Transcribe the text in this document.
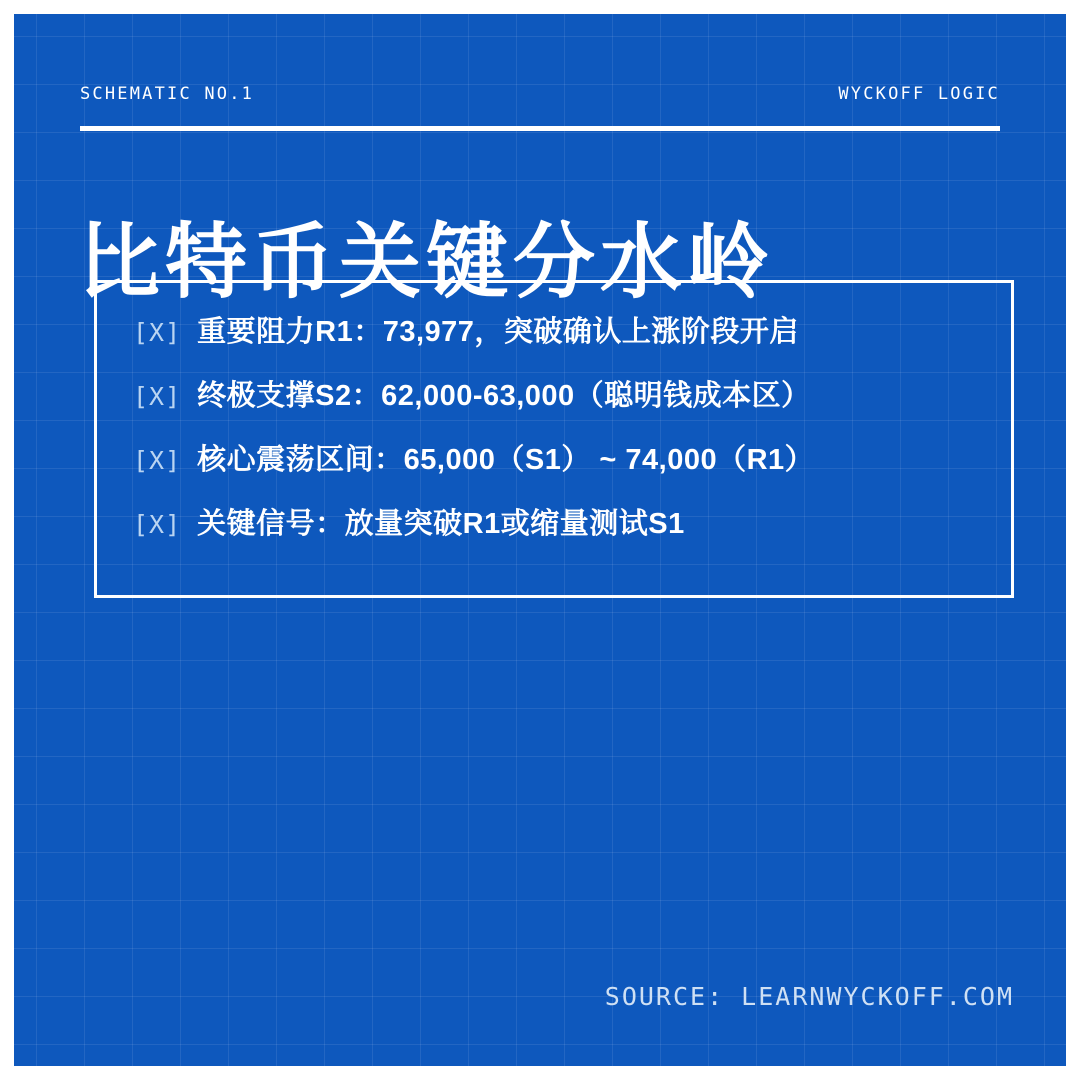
SCHEMATIC NO.1	WYCKOFF LOGIC
比特币关键分水岭
[X] 重要阻力R1：73,977，突破确认上涨阶段开启
[X] 终极支撑S2：62,000-63,000（聪明钱成本区）
[X] 核心震荡区间：65,000（S1） ~ 74,000（R1）
[X] 关键信号：放量突破R1或缩量测试S1
SOURCE: LEARNWYCKOFF.COM
